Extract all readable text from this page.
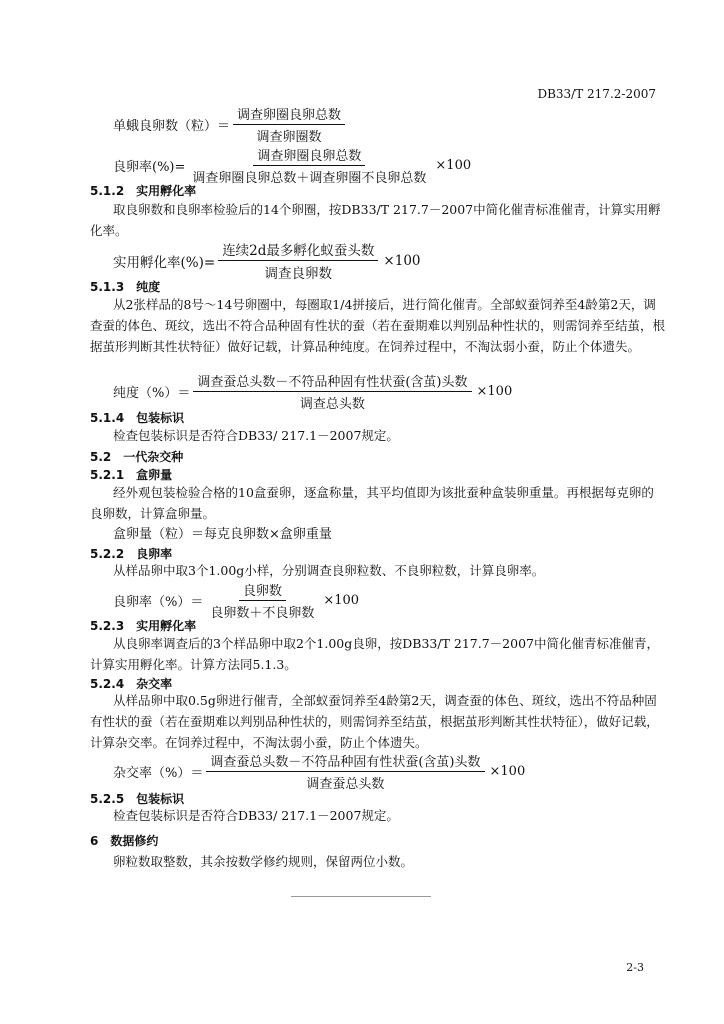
DB33/T 217.2-2007
单蛾良卵数（粒）＝ $\frac{\text{调查卵圈良卵总数}}{\text{调查卵圈数}}$
良卵率(%)= $\frac{\text{调查卵圈良卵总数}}{\text{调查卵圈良卵总数＋调查卵圈不良卵总数}} \times 100$
5.1.2　实用孵化率
取良卵数和良卵率检验后的14个卵圈，按DB33/T 217.7－2007中简化催青标准催青，计算实用孵化率。
实用孵化率(%)= $\frac{\text{连续2d最多孵化蚁蚕头数}}{\text{调查良卵数}} \times 100$
5.1.3　纯度
从2张样品的8号～14号卵圈中，每圈取1/4拼接后，进行简化催青。全部蚁蚕饲养至4龄第2天，调查蚕的体色、斑纹，选出不符合品种固有性状的蚕（若在蚕期难以判别品种性状的，则需饲养至结茧，根据茧形判断其性状特征）做好记载，计算品种纯度。在饲养过程中，不淘汰弱小蚕，防止个体遗失。
纯度（%）＝ $\frac{\text{调查蚕总头数－不符品种固有性状蚕(含茧)头数}}{\text{调查总头数}} \times 100$
5.1.4　包装标识
检查包装标识是否符合DB33/ 217.1－2007规定。
5.2　一代杂交种
5.2.1　盒卵量
经外观包装检验合格的10盒蚕卵，逐盒称量，其平均值即为该批蚕种盒装卵重量。再根据每克卵的良卵数，计算盒卵量。
盒卵量（粒）＝每克良卵数×盒卵重量
5.2.2　良卵率
从样品卵中取3个1.00g小样，分别调查良卵粒数、不良卵粒数，计算良卵率。
良卵率（%）＝ $\frac{\text{良卵数}}{\text{良卵数＋不良卵数}} \times 100$
5.2.3　实用孵化率
从良卵率调查后的3个样品卵中取2个1.00g良卵，按DB33/T 217.7－2007中简化催青标准催青，计算实用孵化率。计算方法同5.1.3。
5.2.4　杂交率
从样品卵中取0.5g卵进行催青，全部蚁蚕饲养至4龄第2天，调查蚕的体色、斑纹，选出不符品种固有性状的蚕（若在蚕期难以判别品种性状的，则需饲养至结茧，根据茧形判断其性状特征），做好记载，计算杂交率。在饲养过程中，不淘汰弱小蚕，防止个体遗失。
杂交率（%）＝ $\frac{\text{调查蚕总头数－不符品种固有性状蚕(含茧)头数}}{\text{调查蚕总头数}} \times 100$
5.2.5　包装标识
检查包装标识是否符合DB33/ 217.1－2007规定。
6　数据修约
卵粒数取整数，其余按数学修约规则，保留两位小数。
2-3
